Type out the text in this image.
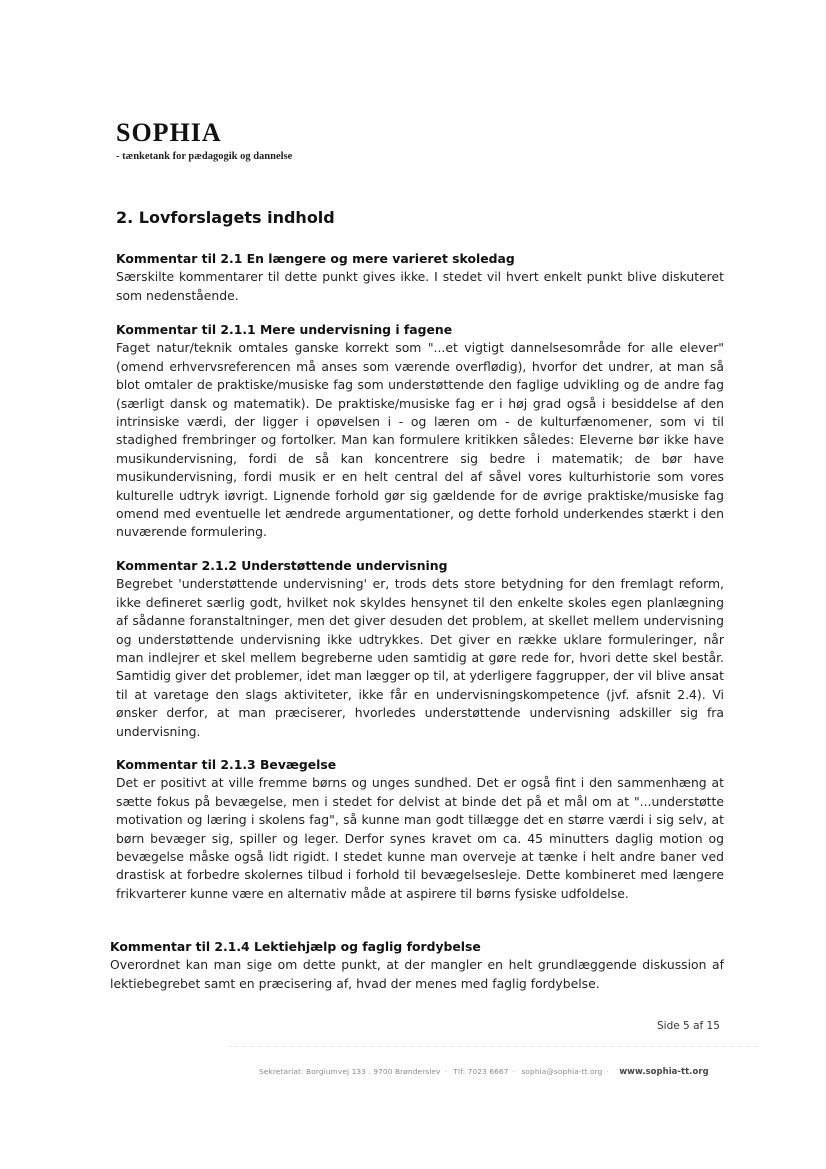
SOPHIA
- tænketank for pædagogik og dannelse
2. Lovforslagets indhold
Kommentar til 2.1 En længere og mere varieret skoledag
Særskilte kommentarer til dette punkt gives ikke. I stedet vil hvert enkelt punkt blive diskuteret som nedenstående.
Kommentar til 2.1.1 Mere undervisning i fagene
Faget natur/teknik omtales ganske korrekt som "...et vigtigt dannelsesområde for alle elever" (omend erhvervsreferencen må anses som værende overflødig), hvorfor det undrer, at man så blot omtaler de praktiske/musiske fag som understøttende den faglige udvikling og de andre fag (særligt dansk og matematik). De praktiske/musiske fag er i høj grad også i besiddelse af den intrinsiske værdi, der ligger i opøvelsen i - og læren om - de kulturfænomener, som vi til stadighed frembringer og fortolker. Man kan formulere kritikken således: Eleverne bør ikke have musikundervisning, fordi de så kan koncentrere sig bedre i matematik; de bør have musikundervisning, fordi musik er en helt central del af såvel vores kulturhistorie som vores kulturelle udtryk iøvrigt. Lignende forhold gør sig gældende for de øvrige praktiske/musiske fag omend med eventuelle let ændrede argumentationer, og dette forhold underkendes stærkt i den nuværende formulering.
Kommentar 2.1.2 Understøttende undervisning
Begrebet 'understøttende undervisning' er, trods dets store betydning for den fremlagt reform, ikke defineret særlig godt, hvilket nok skyldes hensynet til den enkelte skoles egen planlægning af sådanne foranstaltninger, men det giver desuden det problem, at skellet mellem undervisning og understøttende undervisning ikke udtrykkes. Det giver en række uklare formuleringer, når man indlejrer et skel mellem begreberne uden samtidig at gøre rede for, hvori dette skel består. Samtidig giver det problemer, idet man lægger op til, at yderligere faggrupper, der vil blive ansat til at varetage den slags aktiviteter, ikke får en undervisningskompetence (jvf. afsnit 2.4). Vi ønsker derfor, at man præciserer, hvorledes understøttende undervisning adskiller sig fra undervisning.
Kommentar til 2.1.3 Bevægelse
Det er positivt at ville fremme børns og unges sundhed. Det er også fint i den sammenhæng at sætte fokus på bevægelse, men i stedet for delvist at binde det på et mål om at "...understøtte motivation og læring i skolens fag", så kunne man godt tillægge det en større værdi i sig selv, at børn bevæger sig, spiller og leger. Derfor synes kravet om ca. 45 minutters daglig motion og bevægelse måske også lidt rigidt. I stedet kunne man overveje at tænke i helt andre baner ved drastisk at forbedre skolernes tilbud i forhold til bevægelsesleje. Dette kombineret med længere frikvarterer kunne være en alternativ måde at aspirere til børns fysiske udfoldelse.
Kommentar til 2.1.4 Lektiehjælp og faglig fordybelse
Overordnet kan man sige om dette punkt, at der mangler en helt grundlæggende diskussion af lektiebegrebet samt en præcisering af, hvad der menes med faglig fordybelse.
Side 5 af 15
Sekretariat: Borgiumvej 133 . 9700 Brønderslev · Tlf: 7023 6667 · sophia@sophia-tt.org · www.sophia-tt.org
